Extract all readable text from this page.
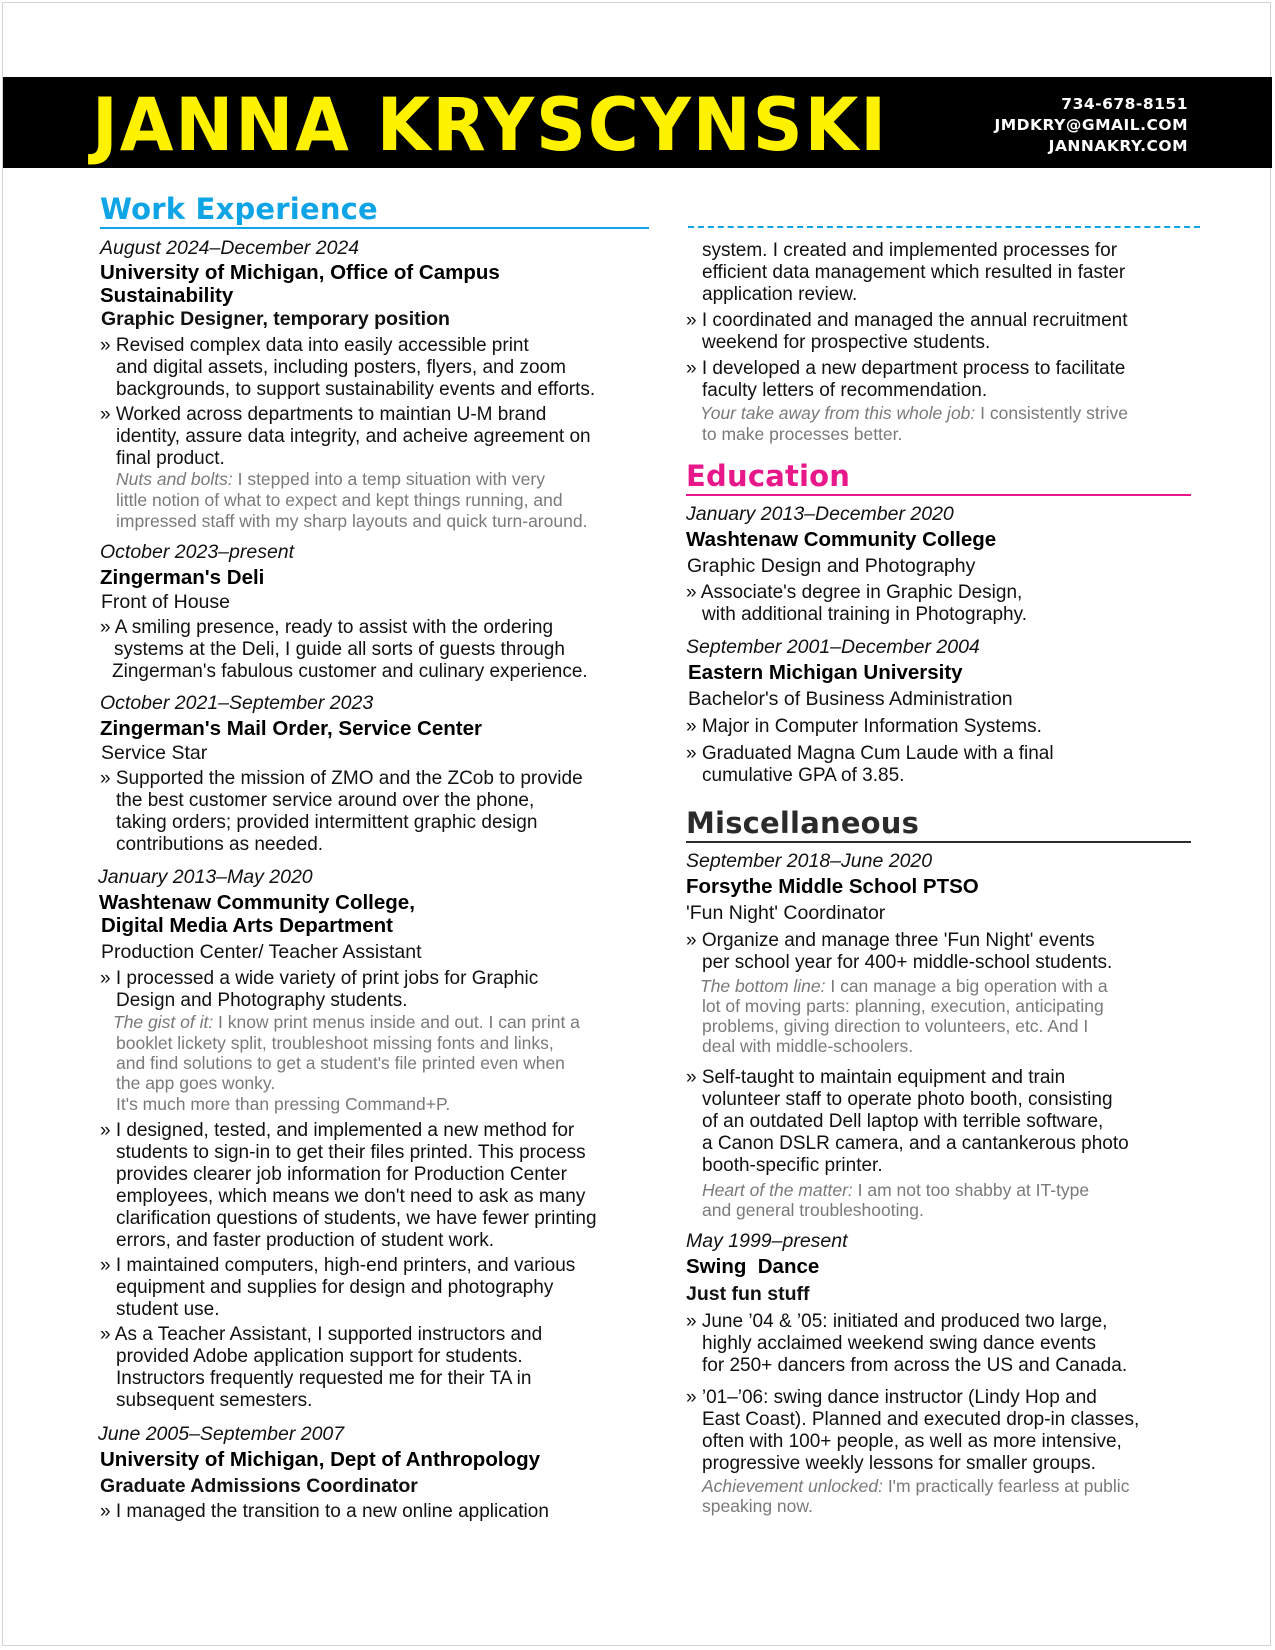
JANNA KRYSCYNSKI	734-678-8151
JMDKRY@GMAIL.COM
JANNAKRY.COM
Work Experience
August 2024–December 2024
University of Michigan, Office of Campus
Sustainability
Graphic Designer, temporary position
» Revised complex data into easily accessible print
and digital assets, including posters, flyers, and zoom
backgrounds, to support sustainability events and efforts.
» Worked across departments to maintian U-M brand
identity, assure data integrity, and acheive agreement on
final product.
Nuts and bolts: I stepped into a temp situation with very
little notion of what to expect and kept things running, and
impressed staff with my sharp layouts and quick turn-around.
October 2023–present
Zingerman's Deli
Front of House
» A smiling presence, ready to assist with the ordering
systems at the Deli, I guide all sorts of guests through
Zingerman's fabulous customer and culinary experience.
October 2021–September 2023
Zingerman's Mail Order, Service Center
Service Star
» Supported the mission of ZMO and the ZCob to provide
the best customer service around over the phone,
taking orders; provided intermittent graphic design
contributions as needed.
January 2013–May 2020
Washtenaw Community College,
Digital Media Arts Department
Production Center/ Teacher Assistant
» I processed a wide variety of print jobs for Graphic
Design and Photography students.
The gist of it: I know print menus inside and out. I can print a
booklet lickety split, troubleshoot missing fonts and links,
and find solutions to get a student's file printed even when
the app goes wonky.
It's much more than pressing Command+P.
» I designed, tested, and implemented a new method for
students to sign-in to get their files printed. This process
provides clearer job information for Production Center
employees, which means we don't need to ask as many
clarification questions of students, we have fewer printing
errors, and faster production of student work.
» I maintained computers, high-end printers, and various
equipment and supplies for design and photography
student use.
» As a Teacher Assistant, I supported instructors and
provided Adobe application support for students.
Instructors frequently requested me for their TA in
subsequent semesters.
June 2005–September 2007
University of Michigan, Dept of Anthropology
Graduate Admissions Coordinator
» I managed the transition to a new online application
system. I created and implemented processes for
efficient data management which resulted in faster
application review.
» I coordinated and managed the annual recruitment
weekend for prospective students.
» I developed a new department process to facilitate
faculty letters of recommendation.
Your take away from this whole job: I consistently strive
to make processes better.
Education
January 2013–December 2020
Washtenaw Community College
Graphic Design and Photography
» Associate's degree in Graphic Design,
with additional training in Photography.
September 2001–December 2004
Eastern Michigan University
Bachelor's of Business Administration
» Major in Computer Information Systems.
» Graduated Magna Cum Laude with a final
cumulative GPA of 3.85.
Miscellaneous
September 2018–June 2020
Forsythe Middle School PTSO
'Fun Night' Coordinator
» Organize and manage three 'Fun Night' events
per school year for 400+ middle-school students.
The bottom line: I can manage a big operation with a
lot of moving parts: planning, execution, anticipating
problems, giving direction to volunteers, etc. And I
deal with middle-schoolers.
» Self-taught to maintain equipment and train
volunteer staff to operate photo booth, consisting
of an outdated Dell laptop with terrible software,
a Canon DSLR camera, and a cantankerous photo
booth-specific printer.
Heart of the matter: I am not too shabby at IT-type
and general troubleshooting.
May 1999–present
Swing  Dance
Just fun stuff
» June ’04 & ’05: initiated and produced two large,
highly acclaimed weekend swing dance events
for 250+ dancers from across the US and Canada.
» ’01–’06: swing dance instructor (Lindy Hop and
East Coast). Planned and executed drop-in classes,
often with 100+ people, as well as more intensive,
progressive weekly lessons for smaller groups.
Achievement unlocked: I'm practically fearless at public
speaking now.
